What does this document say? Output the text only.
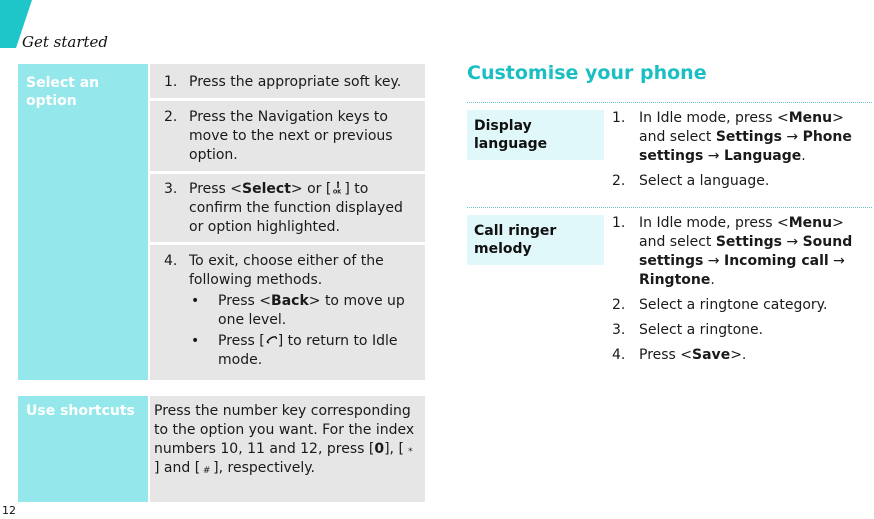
Get started
12
Select an option
1. Press the appropriate soft key.
2. Press the Navigation keys to move to the next or previous option.
3. Press <Select> or [ OK ] to confirm the function displayed or option highlighted.
4. To exit, choose either of the following methods.
•	Press <Back> to move up one level.
•	Press [ ] to return to Idle mode.
Use shortcuts	Press the number key corresponding to the option you want. For the index numbers 10, 11 and 12, press [0], [ *] and [ # ], respectively.
Customise your phone
Display language
1. In Idle mode, press <Menu> and select Settings → Phone settings → Language.
2. Select a language.
Call ringer melody
1. In Idle mode, press <Menu> and select Settings → Sound settings → Incoming call → Ringtone.
2. Select a ringtone category.
3. Select a ringtone.
4. Press <Save>.
